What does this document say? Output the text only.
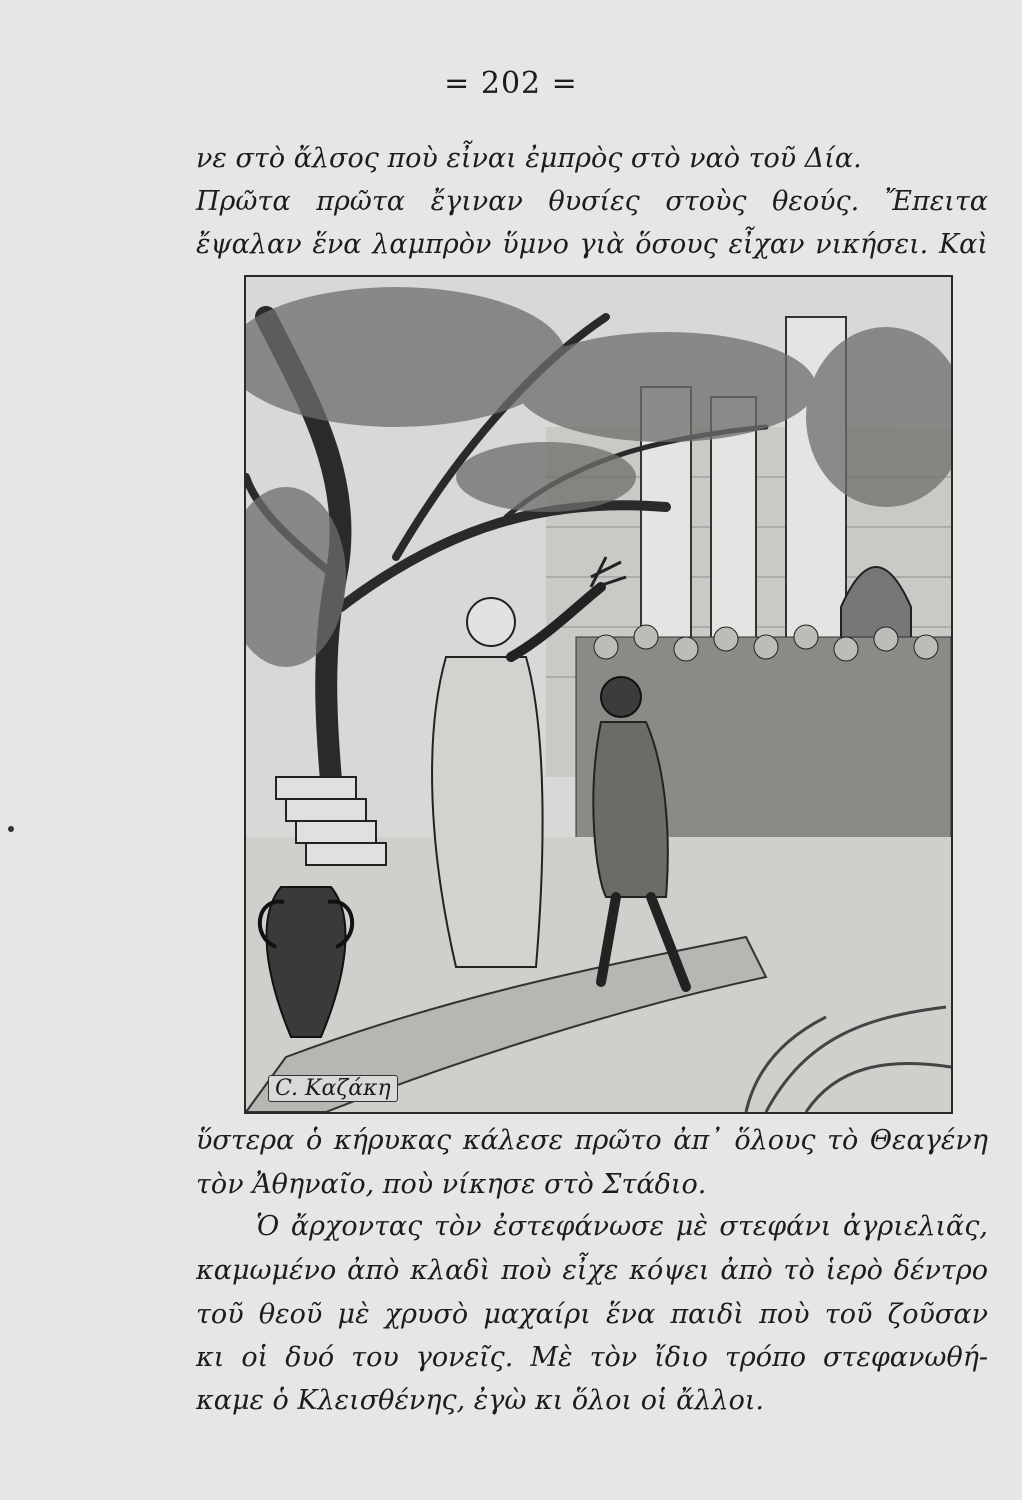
= 202 =
νε στὸ ἄλσος ποὺ εἶναι ἐμπρὸς στὸ ναὸ τοῦ Δία.
Πρῶτα πρῶτα ἔγιναν θυσίες στοὺς θεούς. Ἔπειτα
ἔψαλαν ἕνα λαμπρὸν ὕμνο γιὰ ὅσους εἶχαν νικήσει. Καὶ
C. Καζάκη
ὕστερα ὁ κήρυκας κάλεσε πρῶτο ἀπ᾽ ὅλους τὸ Θεαγένη
τὸν Ἀθηναῖο, ποὺ νίκησε στὸ Στάδιο.
Ὁ ἄρχοντας τὸν ἐστεφάνωσε μὲ στεφάνι ἀγριελιᾶς,
καμωμένο ἀπὸ κλαδὶ ποὺ εἶχε κόψει ἀπὸ τὸ ἱερὸ δέντρο
τοῦ θεοῦ μὲ χρυσὸ μαχαίρι ἕνα παιδὶ ποὺ τοῦ ζοῦσαν
κι οἱ δυό του γονεῖς. Μὲ τὸν ἴδιο τρόπο στεφανωθή-
καμε ὁ Κλεισθένης, ἐγὼ κι ὅλοι οἱ ἄλλοι.
